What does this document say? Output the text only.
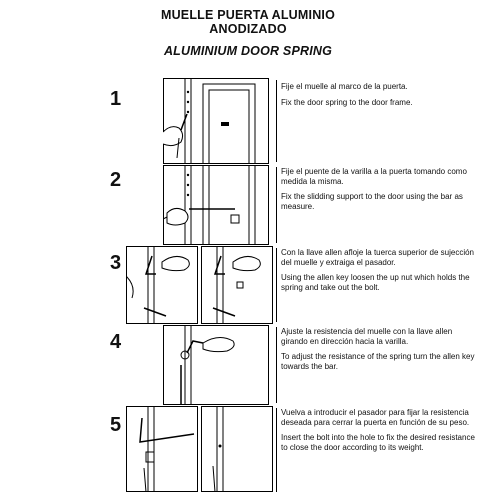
MUELLE PUERTA ALUMINIO
ANODIZADO
ALUMINIUM DOOR SPRING
1

Fije el muelle al marco de la puerta.

Fix the door spring to the door frame.

2	Fije el puente de la varilla a la puerta tomando como medida la misma.

Fix the slidding support to the door using the bar as measure.

3	Con la llave allen afloje la tuerca superior de sujección del muelle y extraiga el pasador.

Using the allen key loosen the up nut which holds the spring and take out the bolt.

4	Ajuste la resistencia del muelle con la llave allen girando en dirección hacia la varilla.

To adjust the resistance of the spring turn the allen key towards the bar.

5

Vuelva a introducir el pasador para fijar la resistencia deseada para cerrar la puerta en función de su peso.

Insert the bolt into the hole to fix the desired resistance to close the door according to its weight.
